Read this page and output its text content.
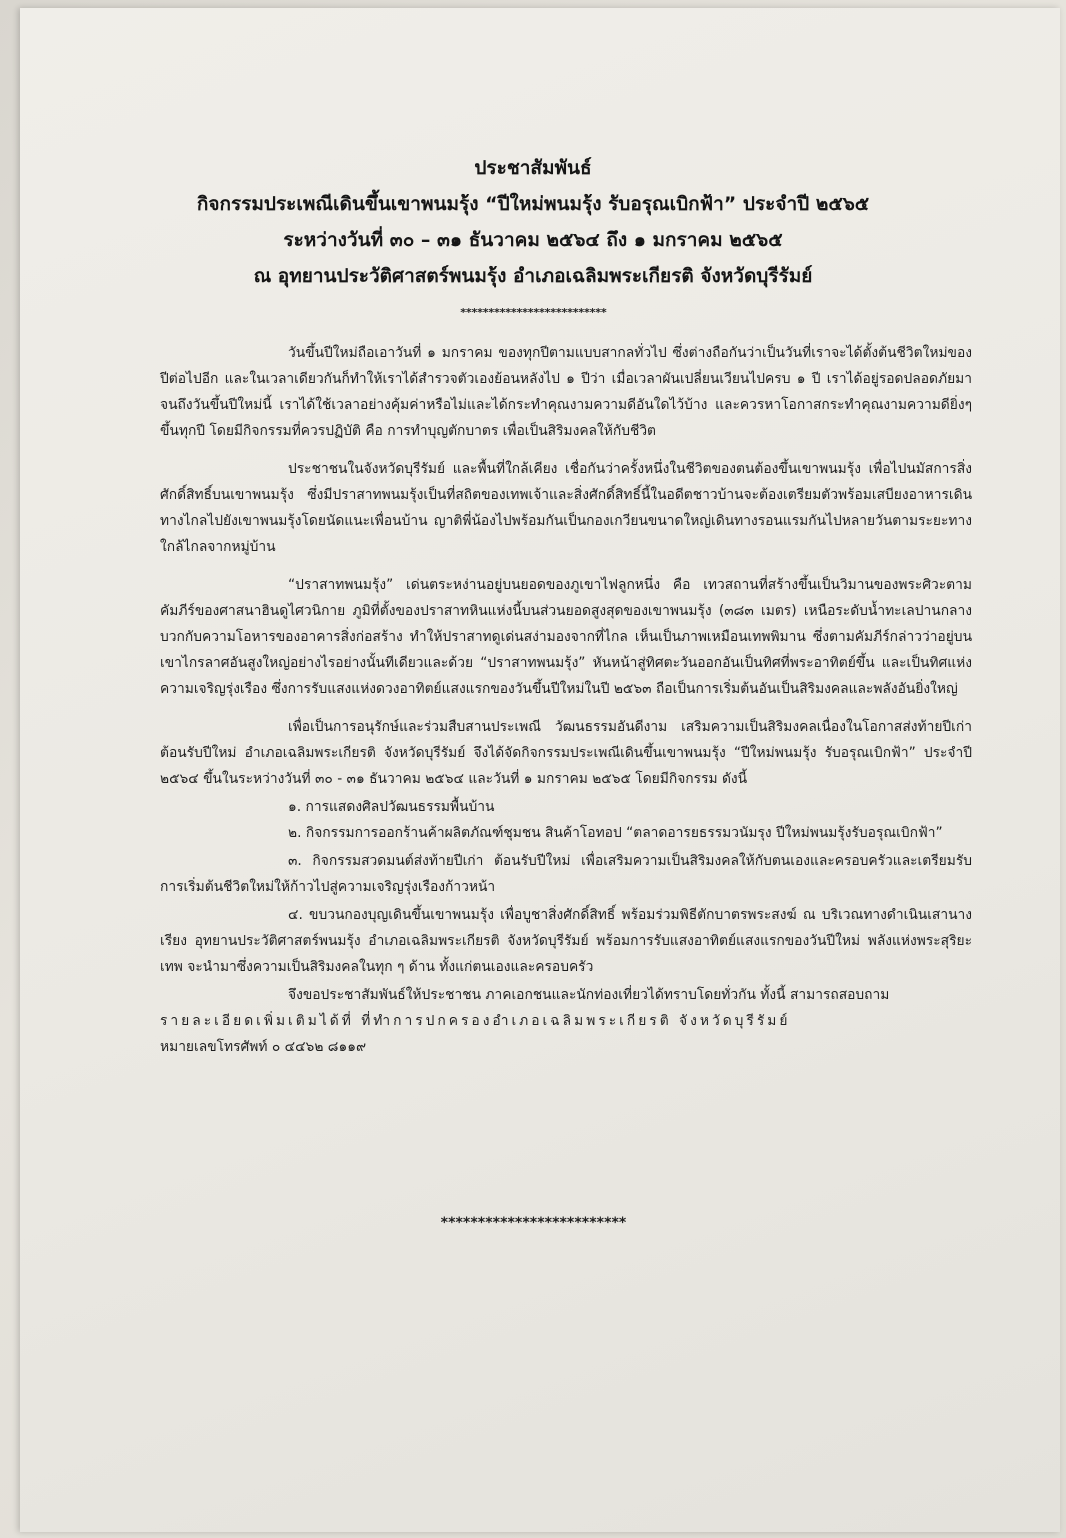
ประชาสัมพันธ์
กิจกรรมประเพณีเดินขึ้นเขาพนมรุ้ง “ปีใหม่พนมรุ้ง รับอรุณเบิกฟ้า” ประจำปี ๒๕๖๕
ระหว่างวันที่ ๓๐ – ๓๑ ธันวาคม ๒๕๖๔ ถึง ๑ มกราคม ๒๕๖๕
ณ อุทยานประวัติศาสตร์พนมรุ้ง อำเภอเฉลิมพระเกียรติ จังหวัดบุรีรัมย์
**************************

วันขึ้นปีใหม่ถือเอาวันที่ ๑ มกราคม ของทุกปีตามแบบสากลทั่วไป ซึ่งต่างถือกันว่าเป็นวันที่เราจะได้ตั้งต้นชีวิตใหม่ของปีต่อไปอีก และในเวลาเดียวกันก็ทำให้เราได้สำรวจตัวเองย้อนหลังไป ๑ ปีว่า เมื่อเวลาผันเปลี่ยนเวียนไปครบ ๑ ปี เราได้อยู่รอดปลอดภัยมาจนถึงวันขึ้นปีใหม่นี้ เราได้ใช้เวลาอย่างคุ้มค่าหรือไม่และได้กระทำคุณงามความดีอันใดไว้บ้าง และควรหาโอกาสกระทำคุณงามความดียิ่งๆขึ้นทุกปี โดยมีกิจกรรมที่ควรปฏิบัติ คือ การทำบุญตักบาตร เพื่อเป็นสิริมงคลให้กับชีวิต

ประชาชนในจังหวัดบุรีรัมย์ และพื้นที่ใกล้เคียง เชื่อกันว่าครั้งหนึ่งในชีวิตของตนต้องขึ้นเขาพนมรุ้ง เพื่อไปนมัสการสิ่งศักดิ์สิทธิ์บนเขาพนมรุ้ง ซึ่งมีปราสาทพนมรุ้งเป็นที่สถิตของเทพเจ้าและสิ่งศักดิ์สิทธิ์นี้ในอดีตชาวบ้านจะต้องเตรียมตัวพร้อมเสบียงอาหารเดินทางไกลไปยังเขาพนมรุ้งโดยนัดแนะเพื่อนบ้าน ญาติพี่น้องไปพร้อมกันเป็นกองเกวียนขนาดใหญ่เดินทางรอนแรมกันไปหลายวันตามระยะทางใกล้ไกลจากหมู่บ้าน

“ปราสาทพนมรุ้ง” เด่นตระหง่านอยู่บนยอดของภูเขาไฟลูกหนึ่ง คือ เทวสถานที่สร้างขึ้นเป็นวิมานของพระศิวะตามคัมภีร์ของศาสนาฮินดูไศวนิกาย ภูมิที่ตั้งของปราสาทหินแห่งนี้บนส่วนยอดสูงสุดของเขาพนมรุ้ง (๓๘๓ เมตร) เหนือระดับน้ำทะเลปานกลาง บวกกับความโอหารของอาคารสิ่งก่อสร้าง ทำให้ปราสาทดูเด่นสง่ามองจากที่ไกล เห็นเป็นภาพเหมือนเทพพิมาน ซึ่งตามคัมภีร์กล่าวว่าอยู่บนเขาไกรลาศอันสูงใหญ่อย่างไรอย่างนั้นทีเดียวและด้วย “ปราสาทพนมรุ้ง” หันหน้าสู่ทิศตะวันออกอันเป็นทิศที่พระอาทิตย์ขึ้น และเป็นทิศแห่งความเจริญรุ่งเรือง ซึ่งการรับแสงแห่งดวงอาทิตย์แสงแรกของวันขึ้นปีใหม่ในปี ๒๕๖๓ ถือเป็นการเริ่มต้นอันเป็นสิริมงคลและพลังอันยิ่งใหญ่

เพื่อเป็นการอนุรักษ์และร่วมสืบสานประเพณี วัฒนธรรมอันดีงาม เสริมความเป็นสิริมงคลเนื่องในโอกาสส่งท้ายปีเก่า ต้อนรับปีใหม่ อำเภอเฉลิมพระเกียรติ จังหวัดบุรีรัมย์ จึงได้จัดกิจกรรมประเพณีเดินขึ้นเขาพนมรุ้ง “ปีใหม่พนมรุ้ง รับอรุณเบิกฟ้า” ประจำปี ๒๕๖๔ ขึ้นในระหว่างวันที่ ๓๐ - ๓๑ ธันวาคม ๒๕๖๔ และวันที่ ๑ มกราคม ๒๕๖๕ โดยมีกิจกรรม ดังนี้

๑. การแสดงศิลปวัฒนธรรมพื้นบ้าน

๒. กิจกรรมการออกร้านค้าผลิตภัณฑ์ชุมชน สินค้าโอทอป “ตลาดอารยธรรมวนัมรุง ปีใหม่พนมรุ้งรับอรุณเบิกฟ้า”

๓. กิจกรรมสวดมนต์ส่งท้ายปีเก่า ต้อนรับปีใหม่ เพื่อเสริมความเป็นสิริมงคลให้กับตนเองและครอบครัวและเตรียมรับการเริ่มต้นชีวิตใหม่ให้ก้าวไปสู่ความเจริญรุ่งเรืองก้าวหน้า

๔. ขบวนกองบุญเดินขึ้นเขาพนมรุ้ง เพื่อบูชาสิ่งศักดิ์สิทธิ์ พร้อมร่วมพิธีตักบาตรพระสงฆ์ ณ บริเวณทางดำเนินเสานางเรียง อุทยานประวัติศาสตร์พนมรุ้ง อำเภอเฉลิมพระเกียรติ จังหวัดบุรีรัมย์ พร้อมการรับแสงอาทิตย์แสงแรกของวันปีใหม่ พลังแห่งพระสุริยะเทพ จะนำมาซึ่งความเป็นสิริมงคลในทุก ๆ ด้าน ทั้งแก่ตนเองและครอบครัว

จึงขอประชาสัมพันธ์ให้ประชาชน ภาคเอกชนและนักท่องเที่ยวได้ทราบโดยทั่วกัน ทั้งนี้ สามารถสอบถาม
รายละเอียดเพิ่มเติมได้ที่ ที่ทำการปกครองอำเภอเฉลิมพระเกียรติ จังหวัดบุรีรัมย์
หมายเลขโทรศัพท์ ๐ ๔๔๖๒ ๘๑๑๙
*************************
